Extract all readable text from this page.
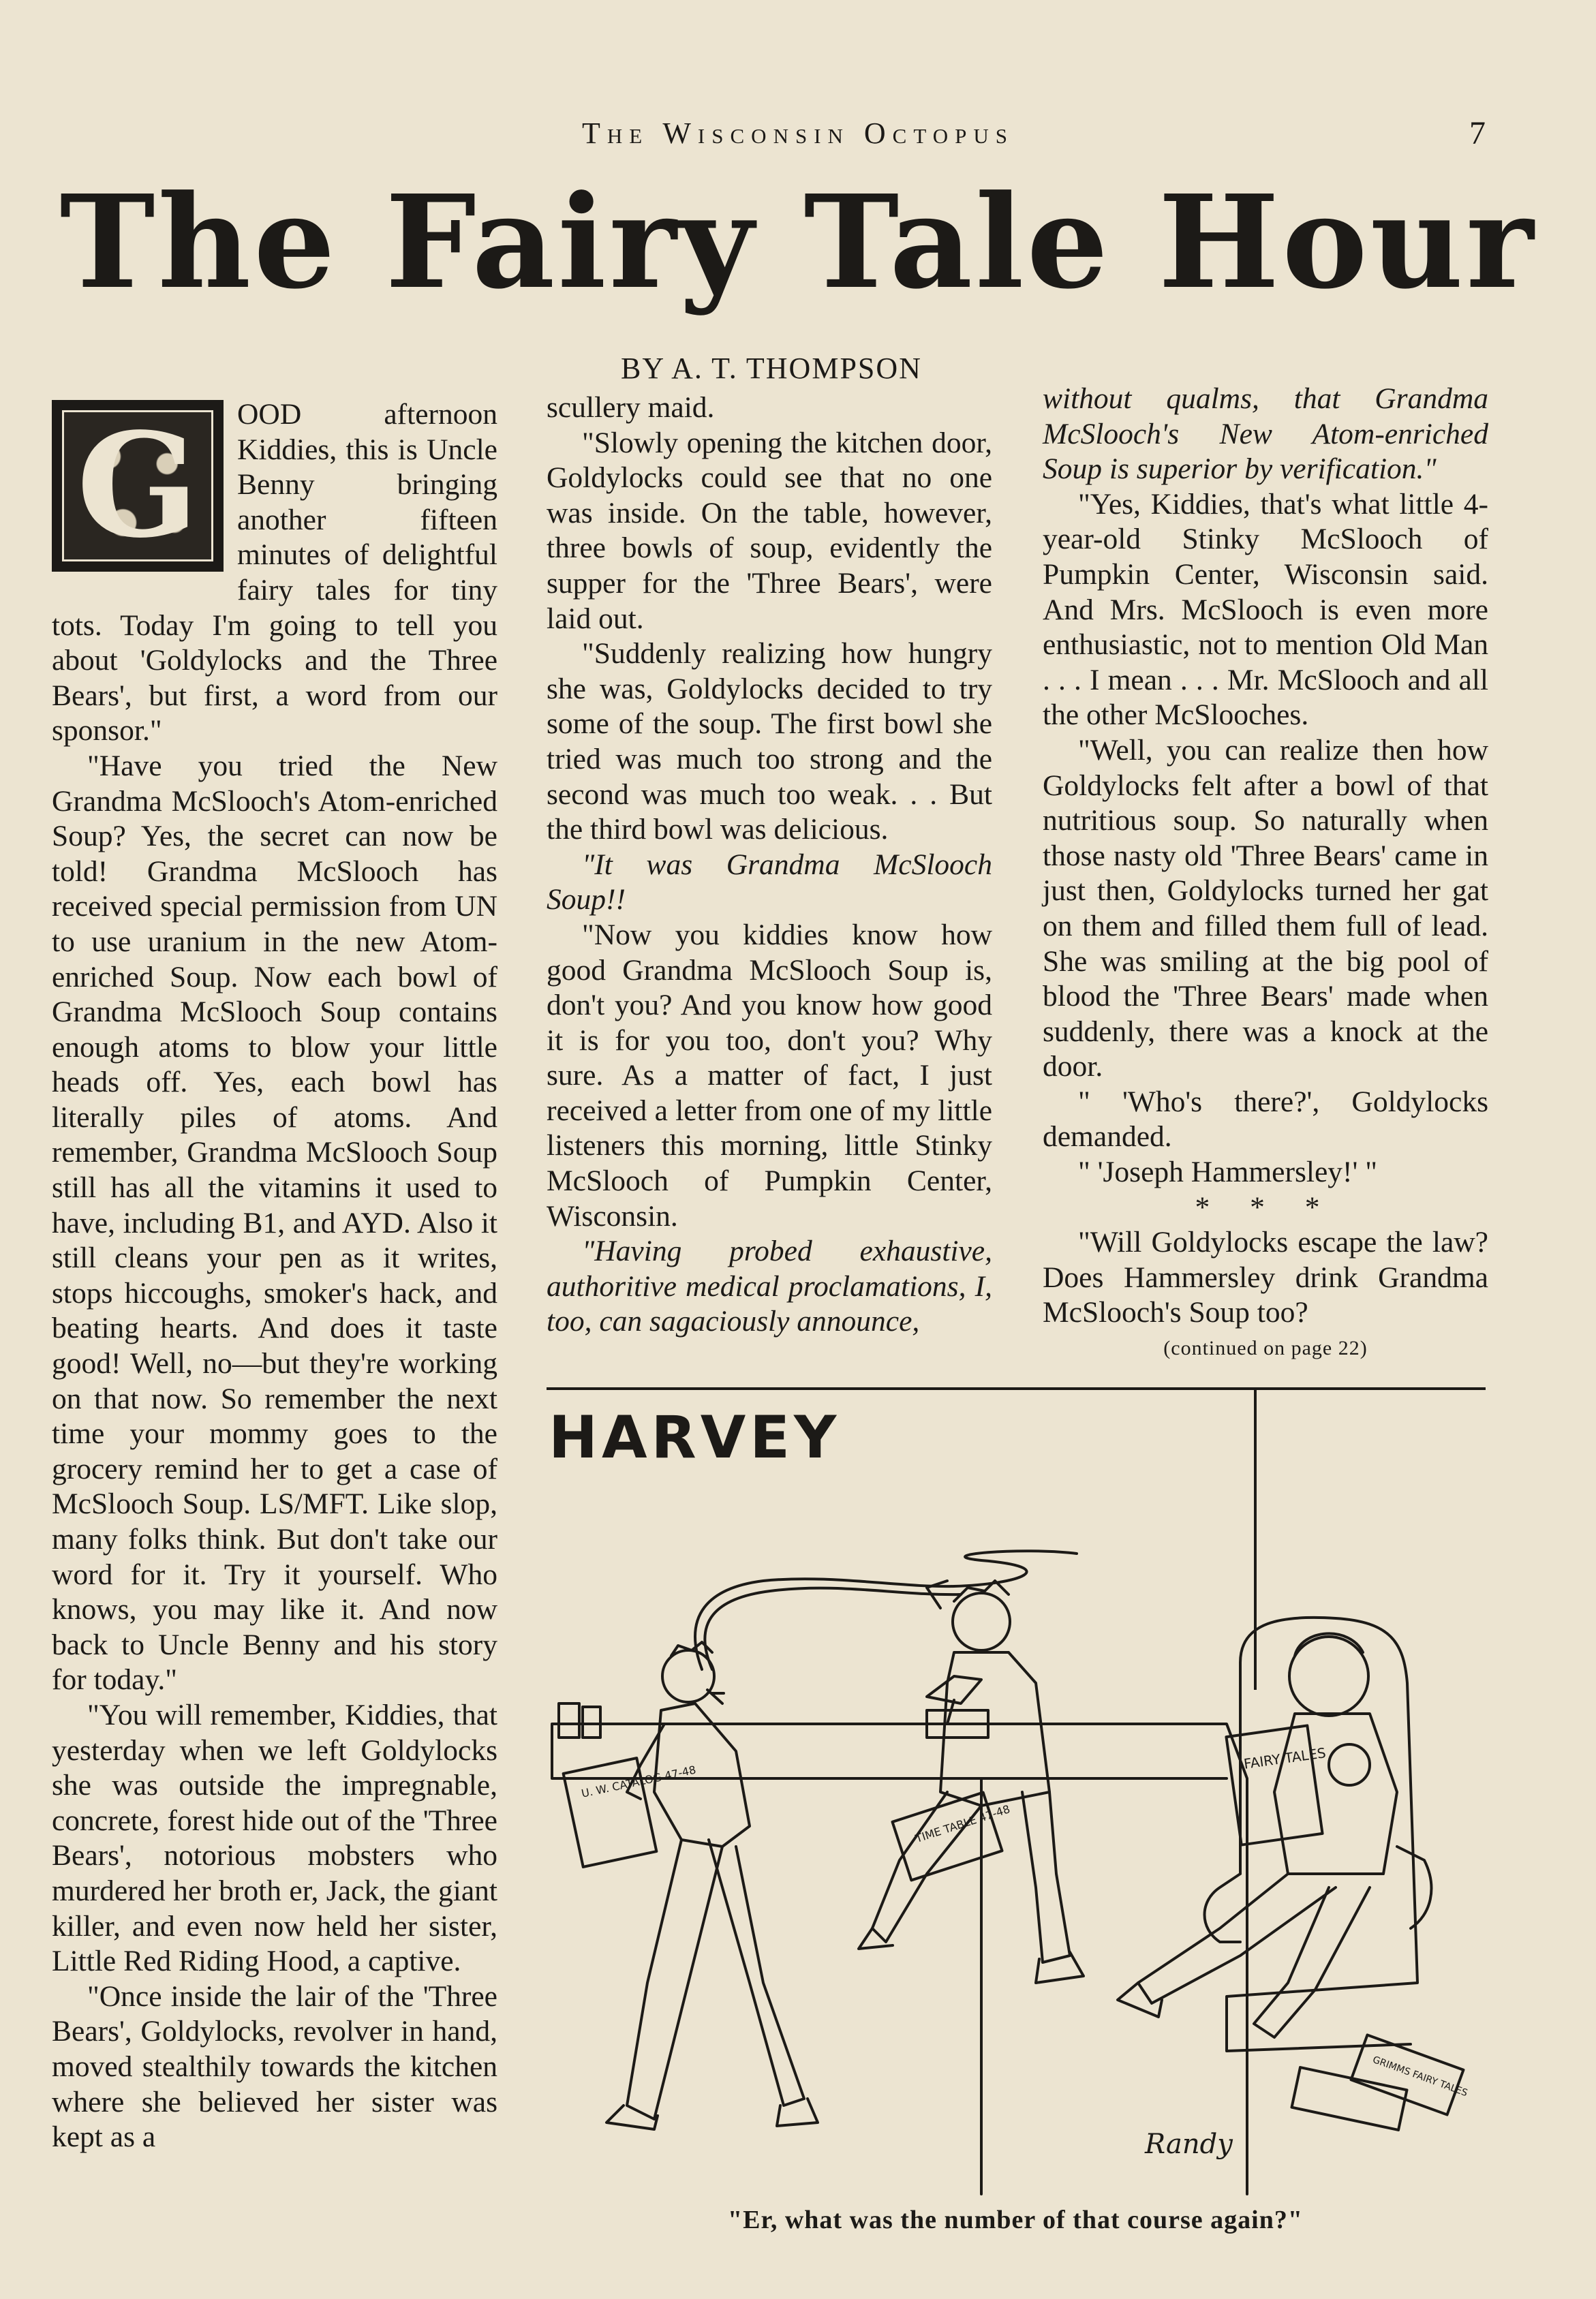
The Wisconsin Octopus	7
The Fairy Tale Hour
BY A. T. THOMPSON
G	OOD afternoon Kiddies, this is Uncle Benny bringing another fifteen minutes of delightful fairy tales for tiny tots. Today I'm going to tell you about 'Goldylocks and the Three Bears', but first, a word from our sponsor."

"Have you tried the New Grandma McSlooch's Atom-enriched Soup? Yes, the secret can now be told! Grandma McSlooch has received special permission from UN to use uranium in the new Atom-enriched Soup. Now each bowl of Grandma McSlooch Soup contains enough atoms to blow your little heads off. Yes, each bowl has literally piles of atoms. And remember, Grandma McSlooch Soup still has all the vitamins it used to have, including B1, and AYD. Also it still cleans your pen as it writes, stops hiccoughs, smoker's hack, and beating hearts. And does it taste good! Well, no—but they're working on that now. So remember the next time your mommy goes to the grocery remind her to get a case of McSlooch Soup. LS/MFT. Like slop, many folks think. But don't take our word for it. Try it yourself. Who knows, you may like it. And now back to Uncle Benny and his story for today."

"You will remember, Kiddies, that yesterday when we left Goldylocks she was outside the impregnable, concrete, forest hide out of the 'Three Bears', notorious mobsters who murdered her broth er, Jack, the giant killer, and even now held her sister, Little Red Riding Hood, a captive.

"Once inside the lair of the 'Three Bears', Goldylocks, revolver in hand, moved stealthily towards the kitchen where she believed her sister was kept as a

scullery maid.

"Slowly opening the kitchen door, Goldylocks could see that no one was inside. On the table, however, three bowls of soup, evidently the supper for the 'Three Bears', were laid out.

"Suddenly realizing how hungry she was, Goldylocks decided to try some of the soup. The first bowl she tried was much too strong and the second was much too weak. . . But the third bowl was delicious.

"It was Grandma McSlooch Soup!!

"Now you kiddies know how good Grandma McSlooch Soup is, don't you? And you know how good it is for you too, don't you? Why sure. As a matter of fact, I just received a letter from one of my little listeners this morning, little Stinky McSlooch of Pumpkin Center, Wisconsin.

"Having probed exhaustive, authoritive medical proclamations, I, too, can sagaciously announce,

without qualms, that Grandma McSlooch's New Atom-enriched Soup is superior by verification."

"Yes, Kiddies, that's what little 4-year-old Stinky McSlooch of Pumpkin Center, Wisconsin said. And Mrs. McSlooch is even more enthusiastic, not to mention Old Man . . . I mean . . . Mr. McSlooch and all the other McSlooches.

"Well, you can realize then how Goldylocks felt after a bowl of that nutritious soup. So naturally when those nasty old 'Three Bears' came in just then, Goldylocks turned her gat on them and filled them full of lead. She was smiling at the big pool of blood the 'Three Bears' made when suddenly, there was a knock at the door.

" 'Who's there?', Goldylocks demanded.

" 'Joseph Hammersley!' "

* * *

"Will Goldylocks escape the law? Does Hammersley drink Grandma McSlooch's Soup too?

(continued on page 22)

HARVEY
U. W. CATALOG 47-48
TIME TABLE 47-48
FAIRY TALES
GRIMMS FAIRY TALES
Randy
"Er, what was the number of that course again?"
